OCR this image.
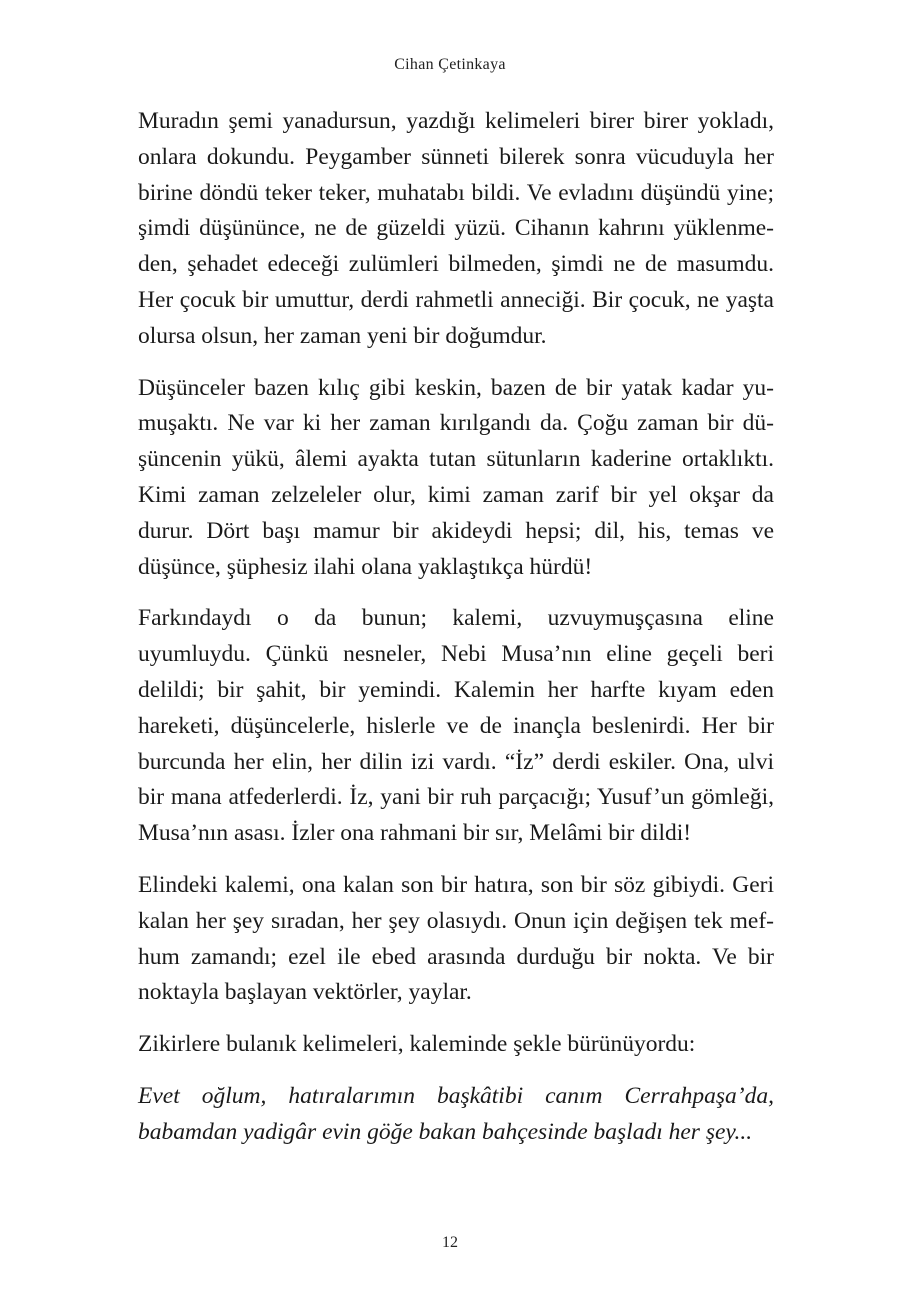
Cihan Çetinkaya

Muradın şemi yanadursun, yazdığı kelimeleri birer birer yokladı, onlara dokundu. Peygamber sünneti bilerek sonra vücuduyla her birine döndü teker teker, muhatabı bildi. Ve evladını düşündü yine; şimdi düşününce, ne de güzeldi yüzü. Cihanın kahrını yüklenme-den, şehadet edeceği zulümleri bilmeden, şimdi ne de masumdu. Her çocuk bir umuttur, derdi rahmetli anneciği. Bir çocuk, ne yaşta olursa olsun, her zaman yeni bir doğumdur.

Düşünceler bazen kılıç gibi keskin, bazen de bir yatak kadar yu-muşaktı. Ne var ki her zaman kırılgandı da. Çoğu zaman bir dü-şüncenin yükü, âlemi ayakta tutan sütunların kaderine ortaklıktı. Kimi zaman zelzeleler olur, kimi zaman zarif bir yel okşar da durur. Dört başı mamur bir akideydi hepsi; dil, his, temas ve düşünce, şüphesiz ilahi olana yaklaştıkça hürdü!

Farkındaydı o da bunun; kalemi, uzvuymuşçasına eline uyumluydu. Çünkü nesneler, Nebi Musa’nın eline geçeli beri delildi; bir şahit, bir yemindi. Kalemin her harfte kıyam eden hareketi, düşüncelerle, hislerle ve de inançla beslenirdi. Her bir burcunda her elin, her dilin izi vardı. “İz” derdi eskiler. Ona, ulvi bir mana atfederlerdi. İz, yani bir ruh parçacığı; Yusuf’un gömleği, Musa’nın asası. İzler ona rahmani bir sır, Melâmi bir dildi!

Elindeki kalemi, ona kalan son bir hatıra, son bir söz gibiydi. Geri kalan her şey sıradan, her şey olasıydı. Onun için değişen tek mef-hum zamandı; ezel ile ebed arasında durduğu bir nokta. Ve bir noktayla başlayan vektörler, yaylar.

Zikirlere bulanık kelimeleri, kaleminde şekle bürünüyordu:

Evet oğlum, hatıralarımın başkâtibi canım Cerrahpaşa’da, babamdan yadigâr evin göğe bakan bahçesinde başladı her şey...

12
